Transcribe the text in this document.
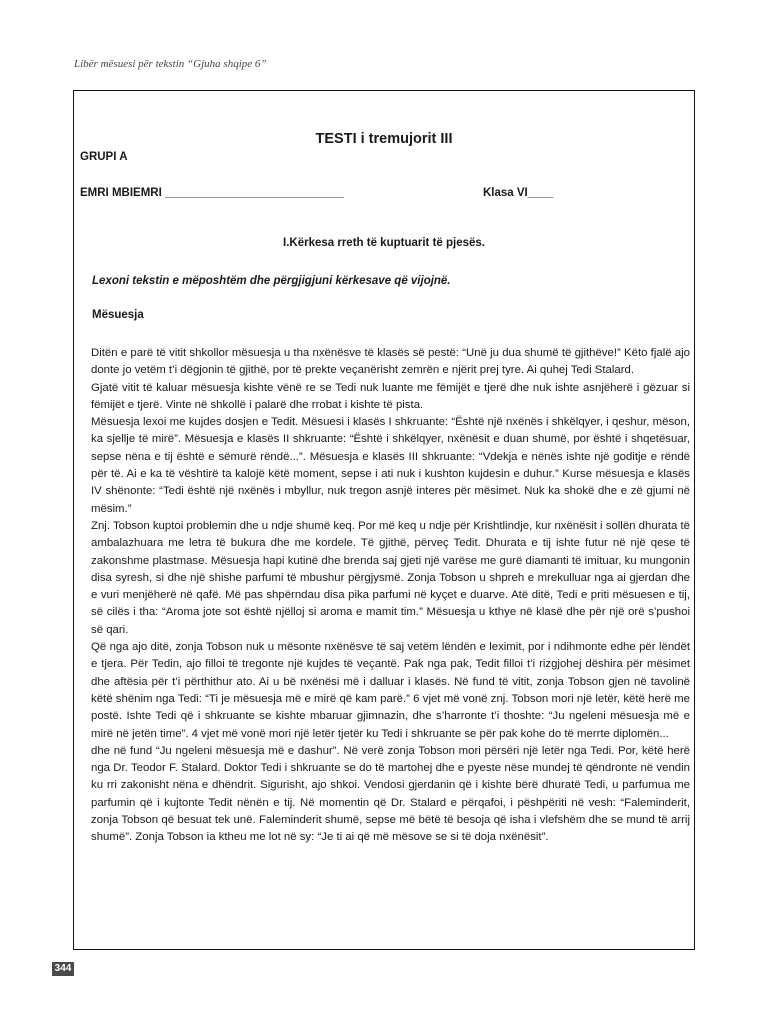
Libër mësuesi për tekstin “Gjuha shqipe 6”
TESTI i tremujorit III
GRUPI A
EMRI MBIEMRI ____________________________	Klasa VI____
I.Kërkesa rreth të kuptuarit të pjesës.
Lexoni tekstin e mëposhtëm dhe përgjigjuni kërkesave që vijojnë.
Mësuesja

Ditën e parë të vitit shkollor mësuesja u tha nxënësve të klasës së pestë: “Unë ju dua shumë të gjithëve!” Këto fjalë ajo donte jo vetëm t’i dëgjonin të gjithë, por të prekte veçanërisht zemrën e njërit prej tyre. Ai quhej Tedi Stalard.

Gjatë vitit të kaluar mësuesja kishte vënë re se Tedi nuk luante me fëmijët e tjerë dhe nuk ishte asnjëherë i gëzuar si fëmijët e tjerë. Vinte në shkollë i palarë dhe rrobat i kishte të pista.

Mësuesja lexoi me kujdes dosjen e Tedit. Mësuesi i klasës I shkruante: “Është një nxënës i shkëlqyer, i qeshur, mëson, ka sjellje të mirë”. Mësuesja e klasës II shkruante: “Është i shkëlqyer, nxënësit e duan shumë, por është i shqetësuar, sepse nëna e tij është e sëmurë rëndë...”. Mësuesja e klasës III shkruante: “Vdekja e nënës ishte një goditje e rëndë për të. Ai e ka të vështirë ta kalojë këtë moment, sepse i ati nuk i kushton kujdesin e duhur.” Kurse mësuesja e klasës IV shënonte: “Tedi është një nxënës i mbyllur, nuk tregon asnjë interes për mësimet. Nuk ka shokë dhe e zë gjumi në mësim.”

Znj. Tobson kuptoi problemin dhe u ndje shumë keq. Por më keq u ndje për Krishtlindje, kur nxënësit i sollën dhurata të ambalazhuara me letra të bukura dhe me kordele. Të gjithë, përveç Tedit. Dhurata e tij ishte futur në një qese të zakonshme plastmase. Mësuesja hapi kutinë dhe brenda saj gjeti një varëse me gurë diamanti të imituar, ku mungonin disa syresh, si dhe një shishe parfumi të mbushur përgjysmë. Zonja Tobson u shpreh e mrekulluar nga ai gjerdan dhe e vuri menjëherë në qafë. Më pas shpërndau disa pika parfumi në kyçet e duarve. Atë ditë, Tedi e priti mësuesen e tij, së cilës i tha: “Aroma jote sot është njëlloj si aroma e mamit tim.” Mësuesja u kthye në klasë dhe për një orë s’pushoi së qari.

Që nga ajo ditë, zonja Tobson nuk u mësonte nxënësve të saj vetëm lëndën e leximit, por i ndihmonte edhe për lëndët e tjera. Për Tedin, ajo filloi të tregonte një kujdes të veçantë. Pak nga pak, Tedit filloi t’i rizgjohej dëshira për mësimet dhe aftësia për t’i përthithur ato. Ai u bë nxënësi më i dalluar i klasës. Në fund të vitit, zonja Tobson gjen në tavolinë këtë shënim nga Tedi: “Ti je mësuesja më e mirë që kam parë.” 6 vjet më vonë znj. Tobson mori një letër, këtë herë me postë. Ishte Tedi që i shkruante se kishte mbaruar gjimnazin, dhe s’harronte t’i thoshte: “Ju ngeleni mësuesja më e mirë në jetën time”. 4 vjet më vonë mori një letër tjetër ku Tedi i shkruante se për pak kohe do të merrte diplomën...

dhe në fund “Ju ngeleni mësuesja më e dashur”. Në verë zonja Tobson mori përsëri një letër nga Tedi. Por, këtë herë nga Dr. Teodor F. Stalard. Doktor Tedi i shkruante se do të martohej dhe e pyeste nëse mundej të qëndronte në vendin ku rri zakonisht nëna e dhëndrit. Sigurisht, ajo shkoi. Vendosi gjerdanin që i kishte bërë dhuratë Tedi, u parfumua me parfumin që i kujtonte Tedit nënën e tij. Në momentin që Dr. Stalard e përqafoi, i pëshpëriti në vesh: “Faleminderit, zonja Tobson që besuat tek unë. Faleminderit shumë, sepse më bëtë të besoja që isha i vlefshëm dhe se mund të arrij shumë”. Zonja Tobson ia ktheu me lot në sy: “Je ti ai që më mësove se si të doja nxënësit”.

344
